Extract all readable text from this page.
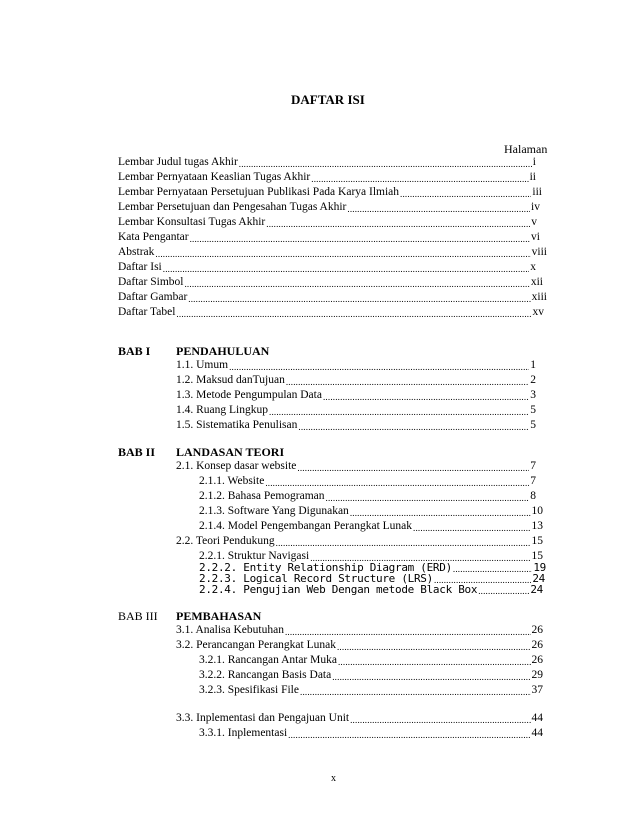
DAFTAR ISI
Halaman
Lembar Judul tugas Akhir .....	i
Lembar Pernyataan Keaslian Tugas Akhir .....	ii
Lembar Pernyataan Persetujuan Publikasi Pada Karya Ilmiah .....	iii
Lembar Persetujuan dan Pengesahan Tugas Akhir .....	iv
Lembar Konsultasi Tugas Akhir .....	v
Kata Pengantar .....	vi
Abstrak .....	viii
Daftar Isi .....	x
Daftar Simbol .....	xii
Daftar Gambar .....	xiii
Daftar Tabel .....	xv
BAB I PENDAHULUAN
1.1. Umum .....	1
1.2. Maksud danTujuan .....	2
1.3. Metode Pengumpulan Data .....	3
1.4. Ruang Lingkup .....	5
1.5. Sistematika Penulisan .....	5
BAB II LANDASAN TEORI
2.1. Konsep dasar website .....	7
2.1.1. Website .....	7
2.1.2. Bahasa Pemograman .....	8
2.1.3. Software Yang Digunakan .....	10
2.1.4. Model Pengembangan Perangkat Lunak .....	13
2.2. Teori Pendukung .....	15
2.2.1. Struktur Navigasi .....	15
2.2.2. Entity Relationship Diagram (ERD) .....	19
2.2.3. Logical Record Structure (LRS) .....	24
2.2.4. Pengujian Web Dengan metode Black Box .....	24
BAB III PEMBAHASAN
3.1. Analisa Kebutuhan .....	26
3.2. Perancangan Perangkat Lunak .....	26
3.2.1. Rancangan Antar Muka .....	26
3.2.2. Rancangan Basis Data .....	29
3.2.3. Spesifikasi File .....	37
3.3. Inplementasi dan Pengajuan Unit .....	44
3.3.1. Inplementasi .....	44
x
